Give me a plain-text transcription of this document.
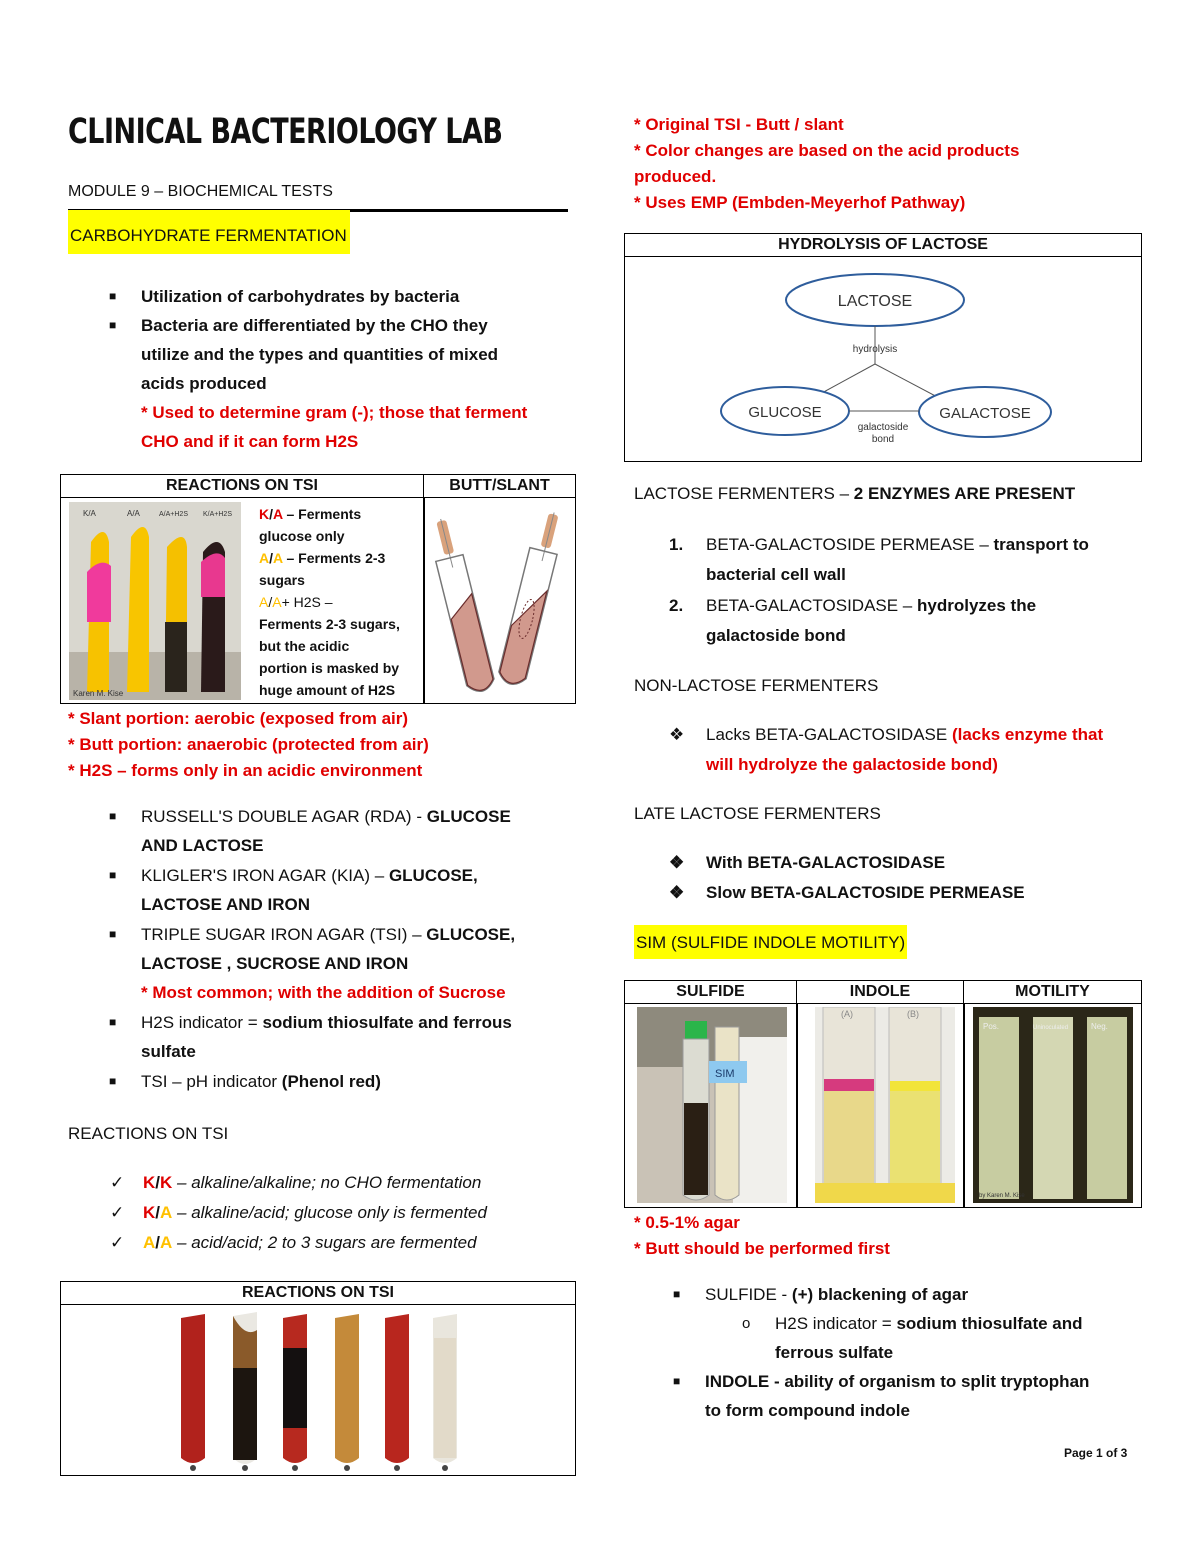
CLINICAL BACTERIOLOGY LAB
MODULE 9 – BIOCHEMICAL TESTS
CARBOHYDRATE FERMENTATION
■ Utilization of carbohydrates by bacteria
■ Bacteria are differentiated by the CHO they
utilize and the types and quantities of mixed
acids produced
* Used to determine gram (-); those that ferment
CHO and if it can form H2S
REACTIONS ON TSI	BUTT/SLANT
K/A	A/A	A/A+H2S K/A+H2S
Karen M. Kise
K/A – Ferments
glucose only
A/A – Ferments 2-3
sugars
A/A+ H2S –
Ferments 2-3 sugars,
but the acidic
portion is masked by
huge amount of H2S
* Slant portion: aerobic (exposed from air)
* Butt portion: anaerobic (protected from air)
* H2S – forms only in an acidic environment
■ RUSSELL'S DOUBLE AGAR (RDA) - GLUCOSE
AND LACTOSE
■ KLIGLER'S IRON AGAR (KIA) – GLUCOSE,
LACTOSE AND IRON
■ TRIPLE SUGAR IRON AGAR (TSI) – GLUCOSE,
LACTOSE , SUCROSE AND IRON
* Most common; with the addition of Sucrose
■ H2S indicator = sodium thiosulfate and ferrous
sulfate
■ TSI – pH indicator (Phenol red)
REACTIONS ON TSI
✓ K/K – alkaline/alkaline; no CHO fermentation
✓ K/A – alkaline/acid; glucose only is fermented
✓ A/A – acid/acid; 2 to 3 sugars are fermented
REACTIONS ON TSI
* Original TSI - Butt / slant
* Color changes are based on the acid products
produced.
* Uses EMP (Embden-Meyerhof Pathway)
HYDROLYSIS OF LACTOSE
LACTOSE
hydrolysis
GLUCOSE	GALACTOSE
galactoside
bond
LACTOSE FERMENTERS – 2 ENZYMES ARE PRESENT
1. BETA-GALACTOSIDE PERMEASE – transport to
bacterial cell wall
2. BETA-GALACTOSIDASE – hydrolyzes the
galactoside bond
NON-LACTOSE FERMENTERS
❖ Lacks BETA-GALACTOSIDASE (lacks enzyme that
will hydrolyze the galactoside bond)
LATE LACTOSE FERMENTERS
❖ With BETA-GALACTOSIDASE
❖ Slow BETA-GALACTOSIDE PERMEASE
SIM (SULFIDE INDOLE MOTILITY)
SULFIDE	INDOLE	MOTILITY
SIM
(A)	(B)
Pos.	Uninoculated	Neg.
by Karen M. Kise
* 0.5-1% agar
* Butt should be performed first
■ SULFIDE - (+) blackening of agar
o H2S indicator = sodium thiosulfate and
ferrous sulfate
■ INDOLE - ability of organism to split tryptophan
to form compound indole
Page 1 of 3
